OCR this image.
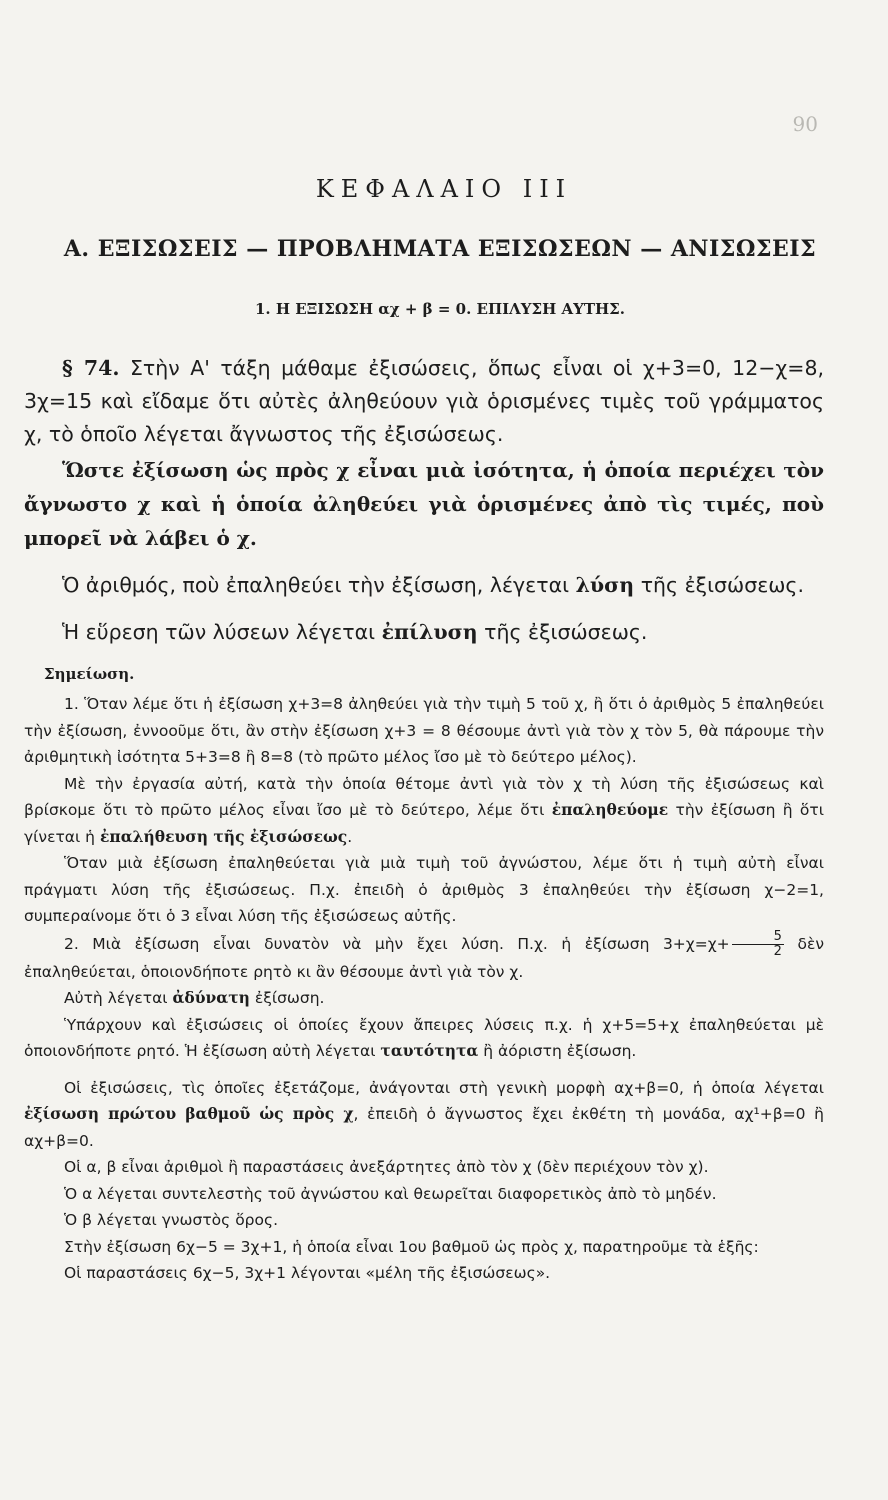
90
ΚΕΦΑΛΑΙΟ III
Α. ΕΞΙΣΩΣΕΙΣ — ΠΡΟΒΛΗΜΑΤΑ ΕΞΙΣΩΣΕΩΝ — ΑΝΙΣΩΣΕΙΣ
1. Η ΕΞΙΣΩΣΗ αχ + β = 0. ΕΠΙΛΥΣΗ ΑΥΤΗΣ.

§ 74. Στὴν Α' τάξη μάθαμε ἐξισώσεις, ὅπως εἶναι οἱ χ+3=0, 12−χ=8, 3χ=15 καὶ εἴδαμε ὅτι αὐτὲς ἀληθεύουν γιὰ ὁρισμένες τιμὲς τοῦ γράμματος χ, τὸ ὁποῖο λέγεται ἄγνωστος τῆς ἐξισώσεως.

Ὥστε ἐξίσωση ὡς πρὸς χ εἶναι μιὰ ἰσότητα, ἡ ὁποία περιέχει τὸν ἄγνωστο χ καὶ ἡ ὁποία ἀληθεύει γιὰ ὁρισμένες ἀπὸ τὶς τιμές, ποὺ μπορεῖ νὰ λάβει ὁ χ.

Ὁ ἀριθμός, ποὺ ἐπαληθεύει τὴν ἐξίσωση, λέγεται λύση τῆς ἐξισώσεως.

Ἡ εὕρεση τῶν λύσεων λέγεται ἐπίλυση τῆς ἐξισώσεως.

Σημείωση.

1. Ὅταν λέμε ὅτι ἡ ἐξίσωση χ+3=8 ἀληθεύει γιὰ τὴν τιμὴ 5 τοῦ χ, ἢ ὅτι ὁ ἀριθμὸς 5 ἐπαληθεύει τὴν ἐξίσωση, ἐννοοῦμε ὅτι, ἂν στὴν ἐξίσωση χ+3 = 8 θέσουμε ἀντὶ γιὰ τὸν χ τὸν 5, θὰ πάρουμε τὴν ἀριθμητικὴ ἰσότητα 5+3=8 ἢ 8=8 (τὸ πρῶτο μέλος ἴσο μὲ τὸ δεύτερο μέλος).

Μὲ τὴν ἐργασία αὐτή, κατὰ τὴν ὁποία θέτομε ἀντὶ γιὰ τὸν χ τὴ λύση τῆς ἐξισώσεως καὶ βρίσκομε ὅτι τὸ πρῶτο μέλος εἶναι ἴσο μὲ τὸ δεύτερο, λέμε ὅτι ἐπαληθεύομε τὴν ἐξίσωση ἢ ὅτι γίνεται ἡ ἐπαλήθευση τῆς ἐξισώσεως.

Ὅταν μιὰ ἐξίσωση ἐπαληθεύεται γιὰ μιὰ τιμὴ τοῦ ἀγνώστου, λέμε ὅτι ἡ τιμὴ αὐτὴ εἶναι πράγματι λύση τῆς ἐξισώσεως. Π.χ. ἐπειδὴ ὁ ἀριθμὸς 3 ἐπαληθεύει τὴν ἐξίσωση χ−2=1, συμπεραίνομε ὅτι ὁ 3 εἶναι λύση τῆς ἐξισώσεως αὐτῆς.

2. Μιὰ ἐξίσωση εἶναι δυνατὸν νὰ μὴν ἔχει λύση. Π.χ. ἡ ἐξίσωση $3+\chi=\chi+ \frac{5}{2}$ δὲν ἐπαληθεύεται, ὁποιονδήποτε ρητὸ κι ἂν θέσουμε ἀντὶ γιὰ τὸν χ.

Αὐτὴ λέγεται ἀδύνατη ἐξίσωση.

Ὑπάρχουν καὶ ἐξισώσεις οἱ ὁποίες ἔχουν ἄπειρες λύσεις π.χ. ἡ χ+5=5+χ ἐπαληθεύεται μὲ ὁποιονδήποτε ρητό. Ἡ ἐξίσωση αὐτὴ λέγεται ταυτότητα ἢ ἀόριστη ἐξίσωση.

Οἱ ἐξισώσεις, τὶς ὁποῖες ἐξετάζομε, ἀνάγονται στὴ γενικὴ μορφὴ αχ+β=0, ἡ ὁποία λέγεται ἐξίσωση πρώτου βαθμοῦ ὡς πρὸς χ, ἐπειδὴ ὁ ἄγνωστος ἔχει ἐκθέτη τὴ μονάδα, αχ¹+β=0 ἢ αχ+β=0.

Οἱ α, β εἶναι ἀριθμοὶ ἢ παραστάσεις ἀνεξάρτητες ἀπὸ τὸν χ (δὲν περιέχουν τὸν χ).

Ὁ α λέγεται συντελεστὴς τοῦ ἀγνώστου καὶ θεωρεῖται διαφορετικὸς ἀπὸ τὸ μηδέν.

Ὁ β λέγεται γνωστὸς ὅρος.

Στὴν ἐξίσωση 6χ−5 = 3χ+1, ἡ ὁποία εἶναι 1ου βαθμοῦ ὡς πρὸς χ, παρατηροῦμε τὰ ἑξῆς:

Οἱ παραστάσεις 6χ−5, 3χ+1 λέγονται «μέλη τῆς ἐξισώσεως».
